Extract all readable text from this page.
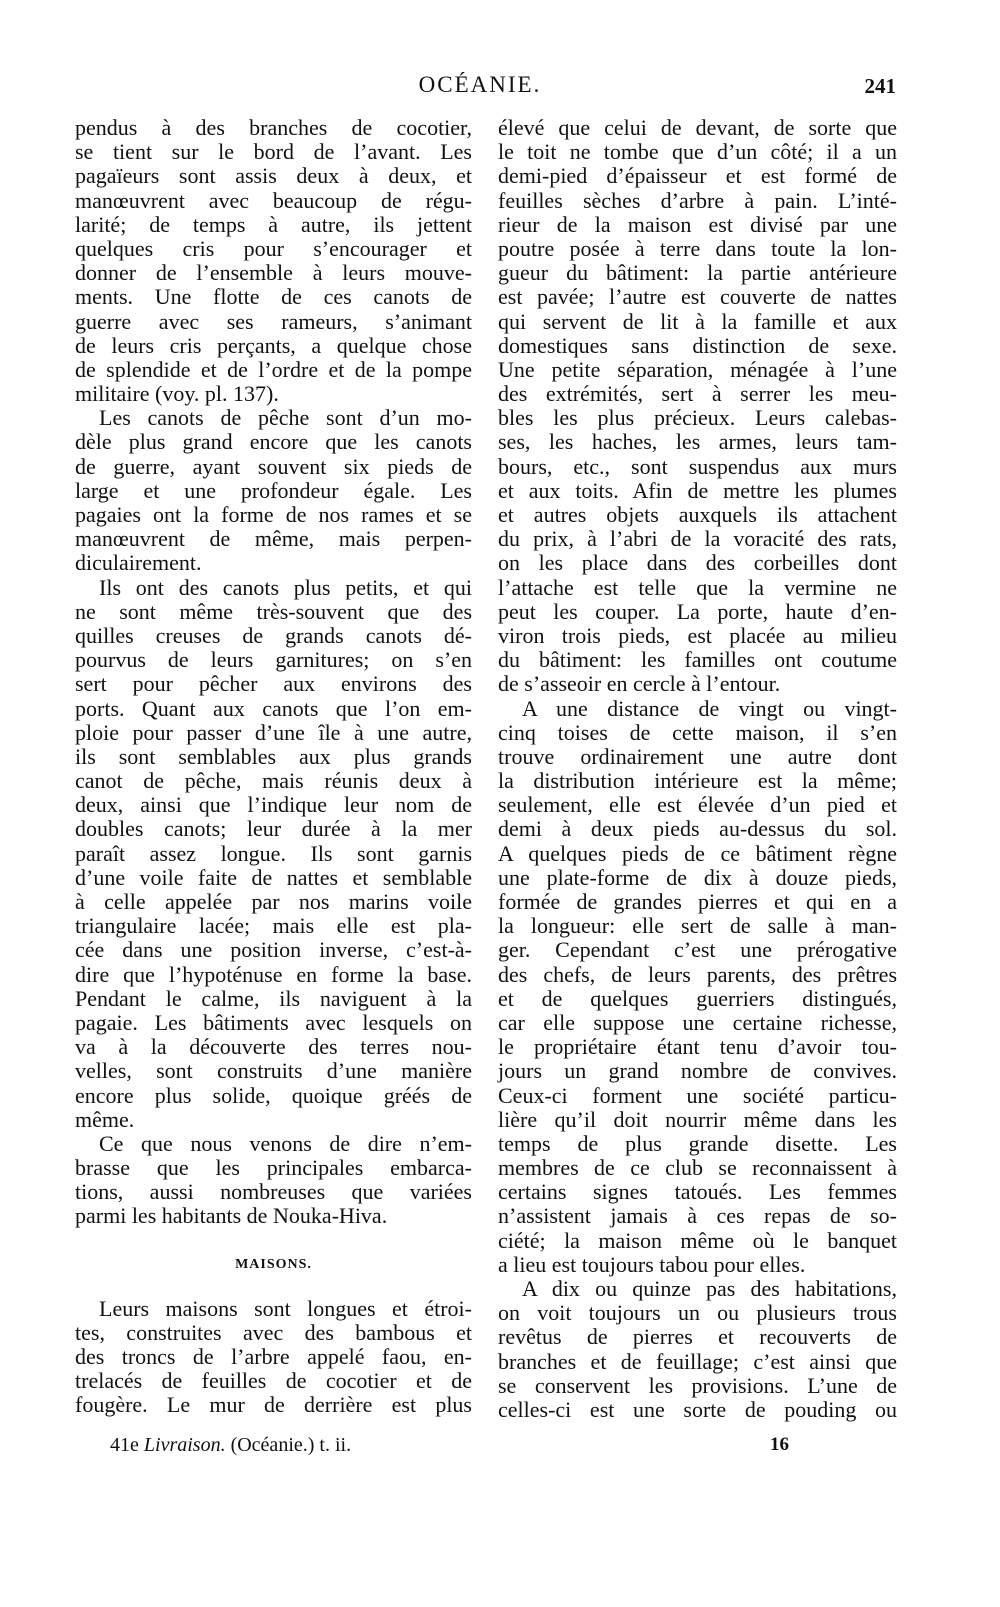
OCÉANIE.	241
pendus à des branches de cocotier,
se tient sur le bord de l’avant. Les
pagaïeurs sont assis deux à deux, et
manœuvrent avec beaucoup de régu-
larité; de temps à autre, ils jettent
quelques cris pour s’encourager et
donner de l’ensemble à leurs mouve-
ments. Une flotte de ces canots de
guerre avec ses rameurs, s’animant
de leurs cris perçants, a quelque chose
de splendide et de l’ordre et de la pompe
militaire (voy. pl. 137).
Les canots de pêche sont d’un mo-
dèle plus grand encore que les canots
de guerre, ayant souvent six pieds de
large et une profondeur égale. Les
pagaies ont la forme de nos rames et se
manœuvrent de même, mais perpen-
diculairement.
Ils ont des canots plus petits, et qui
ne sont même très-souvent que des
quilles creuses de grands canots dé-
pourvus de leurs garnitures; on s’en
sert pour pêcher aux environs des
ports. Quant aux canots que l’on em-
ploie pour passer d’une île à une autre,
ils sont semblables aux plus grands
canot de pêche, mais réunis deux à
deux, ainsi que l’indique leur nom de
doubles canots; leur durée à la mer
paraît assez longue. Ils sont garnis
d’une voile faite de nattes et semblable
à celle appelée par nos marins voile
triangulaire lacée; mais elle est pla-
cée dans une position inverse, c’est-à-
dire que l’hypoténuse en forme la base.
Pendant le calme, ils naviguent à la
pagaie. Les bâtiments avec lesquels on
va à la découverte des terres nou-
velles, sont construits d’une manière
encore plus solide, quoique gréés de
même.
Ce que nous venons de dire n’em-
brasse que les principales embarca-
tions, aussi nombreuses que variées
parmi les habitants de Nouka-Hiva.
MAISONS.
Leurs maisons sont longues et étroi-
tes, construites avec des bambous et
des troncs de l’arbre appelé faou, en-
trelacés de feuilles de cocotier et de
fougère. Le mur de derrière est plus
élevé que celui de devant, de sorte que
le toit ne tombe que d’un côté; il a un
demi-pied d’épaisseur et est formé de
feuilles sèches d’arbre à pain. L’inté-
rieur de la maison est divisé par une
poutre posée à terre dans toute la lon-
gueur du bâtiment: la partie antérieure
est pavée; l’autre est couverte de nattes
qui servent de lit à la famille et aux
domestiques sans distinction de sexe.
Une petite séparation, ménagée à l’une
des extrémités, sert à serrer les meu-
bles les plus précieux. Leurs calebas-
ses, les haches, les armes, leurs tam-
bours, etc., sont suspendus aux murs
et aux toits. Afin de mettre les plumes
et autres objets auxquels ils attachent
du prix, à l’abri de la voracité des rats,
on les place dans des corbeilles dont
l’attache est telle que la vermine ne
peut les couper. La porte, haute d’en-
viron trois pieds, est placée au milieu
du bâtiment: les familles ont coutume
de s’asseoir en cercle à l’entour.
A une distance de vingt ou vingt-
cinq toises de cette maison, il s’en
trouve ordinairement une autre dont
la distribution intérieure est la même;
seulement, elle est élevée d’un pied et
demi à deux pieds au-dessus du sol.
A quelques pieds de ce bâtiment règne
une plate-forme de dix à douze pieds,
formée de grandes pierres et qui en a
la longueur: elle sert de salle à man-
ger. Cependant c’est une prérogative
des chefs, de leurs parents, des prêtres
et de quelques guerriers distingués,
car elle suppose une certaine richesse,
le propriétaire étant tenu d’avoir tou-
jours un grand nombre de convives.
Ceux-ci forment une société particu-
lière qu’il doit nourrir même dans les
temps de plus grande disette. Les
membres de ce club se reconnaissent à
certains signes tatoués. Les femmes
n’assistent jamais à ces repas de so-
ciété; la maison même où le banquet
a lieu est toujours tabou pour elles.
A dix ou quinze pas des habitations,
on voit toujours un ou plusieurs trous
revêtus de pierres et recouverts de
branches et de feuillage; c’est ainsi que
se conservent les provisions. L’une de
celles-ci est une sorte de pouding ou
41e Livraison. (Océanie.) t. ii.	16
